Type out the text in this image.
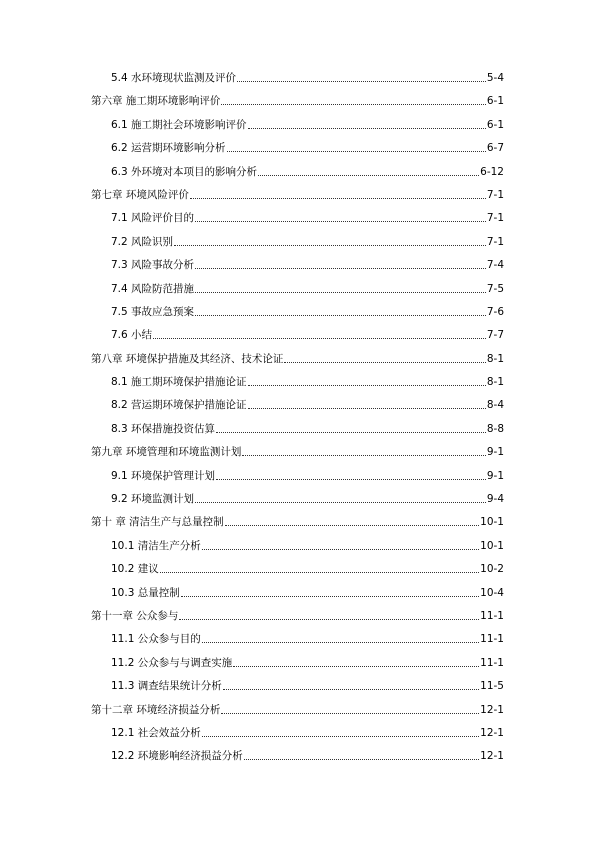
5.4 水环境现状监测及评价	5-4
第六章 施工期环境影响评价	6-1
6.1 施工期社会环境影响评价	6-1
6.2 运营期环境影响分析	6-7
6.3 外环境对本项目的影响分析	6-12
第七章 环境风险评价	7-1
7.1 风险评价目的	7-1
7.2 风险识别	7-1
7.3 风险事故分析	7-4
7.4 风险防范措施	7-5
7.5 事故应急预案	7-6
7.6 小结	7-7
第八章 环境保护措施及其经济、技术论证	8-1
8.1 施工期环境保护措施论证	8-1
8.2 营运期环境保护措施论证	8-4
8.3 环保措施投资估算	8-8
第九章 环境管理和环境监测计划	9-1
9.1 环境保护管理计划	9-1
9.2 环境监测计划	9-4
第十 章 清洁生产与总量控制	10-1
10.1 清洁生产分析	10-1
10.2 建议	10-2
10.3 总量控制	10-4
第十一章 公众参与	11-1
11.1 公众参与目的	11-1
11.2 公众参与与调查实施	11-1
11.3 调查结果统计分析	11-5
第十二章 环境经济损益分析	12-1
12.1 社会效益分析	12-1
12.2 环境影响经济损益分析	12-1
